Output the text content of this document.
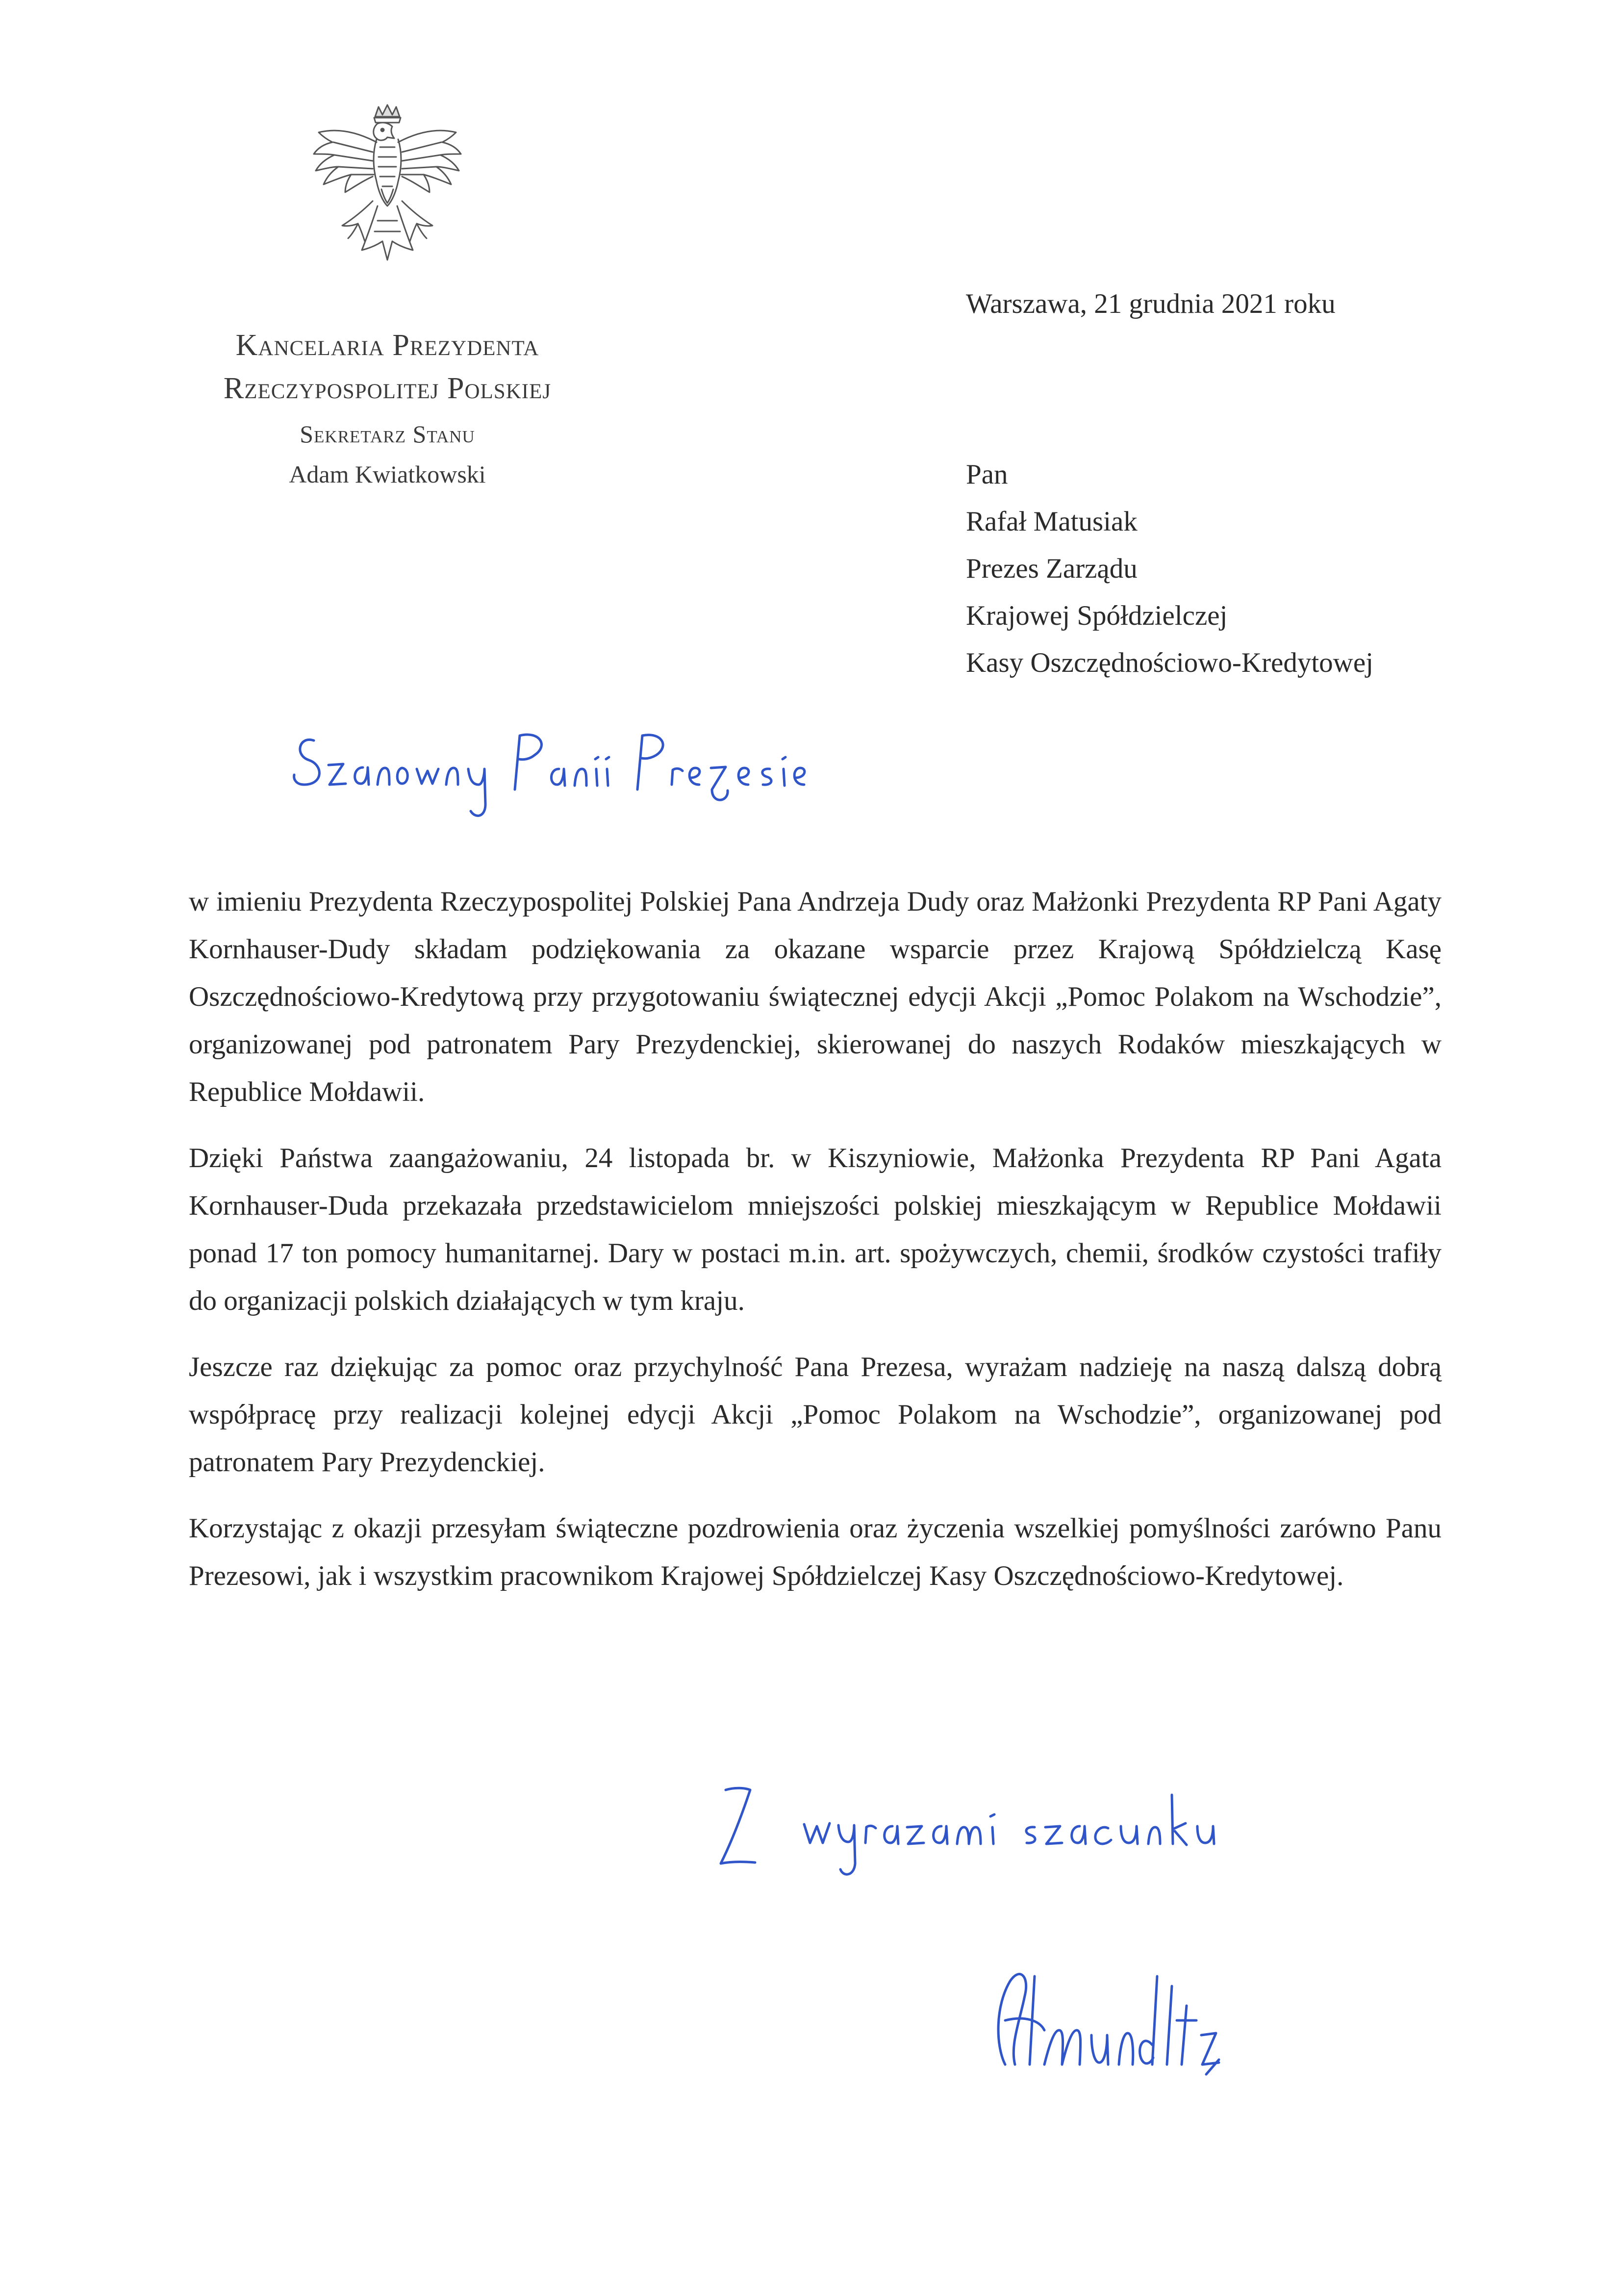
Kancelaria Prezydenta
Rzeczypospolitej Polskiej
Sekretarz Stanu
Adam Kwiatkowski
Warszawa, 21 grudnia 2021 roku
Pan
Rafał Matusiak
Prezes Zarządu
Krajowej Spółdzielczej
Kasy Oszczędnościowo-Kredytowej

w imieniu Prezydenta Rzeczypospolitej Polskiej Pana Andrzeja Dudy oraz Małżonki Prezydenta RP Pani Agaty Kornhauser-Dudy składam podziękowania za okazane wsparcie przez Krajową Spółdzielczą Kasę Oszczędnościowo-Kredytową przy przygotowaniu świątecznej edycji Akcji „Pomoc Polakom na Wschodzie”, organizowanej pod patronatem Pary Prezydenckiej, skierowanej do naszych Rodaków mieszkających w Republice Mołdawii.

Dzięki Państwa zaangażowaniu, 24 listopada br. w Kiszyniowie, Małżonka Prezydenta RP Pani Agata Kornhauser-Duda przekazała przedstawicielom mniejszości polskiej mieszkającym w Republice Mołdawii ponad 17 ton pomocy humanitarnej. Dary w postaci m.in. art. spożywczych, chemii, środków czystości trafiły do organizacji polskich działających w tym kraju.

Jeszcze raz dziękując za pomoc oraz przychylność Pana Prezesa, wyrażam nadzieję na naszą dalszą dobrą współpracę przy realizacji kolejnej edycji Akcji „Pomoc Polakom na Wschodzie”, organizowanej pod patronatem Pary Prezydenckiej.

Korzystając z okazji przesyłam świąteczne pozdrowienia oraz życzenia wszelkiej pomyślności zarówno Panu Prezesowi, jak i wszystkim pracownikom Krajowej Spółdzielczej Kasy Oszczędnościowo-Kredytowej.
